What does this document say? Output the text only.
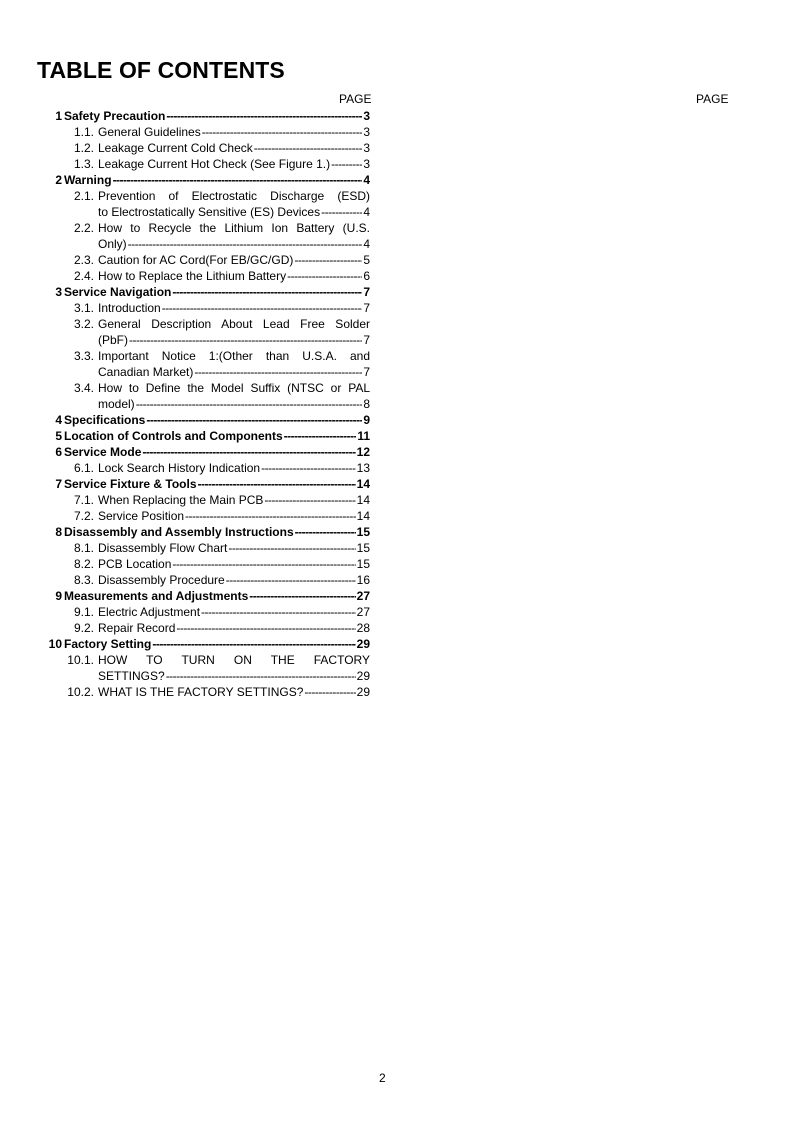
TABLE OF CONTENTS
PAGE	PAGE
1 Safety Precaution -----	3
1.1. General Guidelines -----	3
1.2. Leakage Current Cold Check -----	3
1.3. Leakage Current Hot Check (See Figure 1.) -----	3
2 Warning -----	4
2.1. Prevention of Electrostatic Discharge (ESD)
to Electrostatically Sensitive (ES) Devices -----	4
2.2. How to Recycle the Lithium Ion Battery (U.S.
Only) -----	4
2.3. Caution for AC Cord(For EB/GC/GD) -----	5
2.4. How to Replace the Lithium Battery -----	6
3 Service Navigation -----	7
3.1. Introduction -----	7
3.2. General Description About Lead Free Solder
(PbF) -----	7
3.3. Important Notice 1:(Other than U.S.A. and
Canadian Market) -----	7
3.4. How to Define the Model Suffix (NTSC or PAL
model) -----	8
4 Specifications -----	9
5 Location of Controls and Components -----	11
6 Service Mode -----	12
6.1. Lock Search History Indication -----	13
7 Service Fixture & Tools -----	14
7.1. When Replacing the Main PCB -----	14
7.2. Service Position -----	14
8 Disassembly and Assembly Instructions -----	15
8.1. Disassembly Flow Chart -----	15
8.2. PCB Location -----	15
8.3. Disassembly Procedure -----	16
9 Measurements and Adjustments -----	27
9.1. Electric Adjustment -----	27
9.2. Repair Record -----	28
10 Factory Setting -----	29
10.1. HOW TO TURN ON THE FACTORY
SETTINGS? -----	29
10.2. WHAT IS THE FACTORY SETTINGS? -----	29
2
